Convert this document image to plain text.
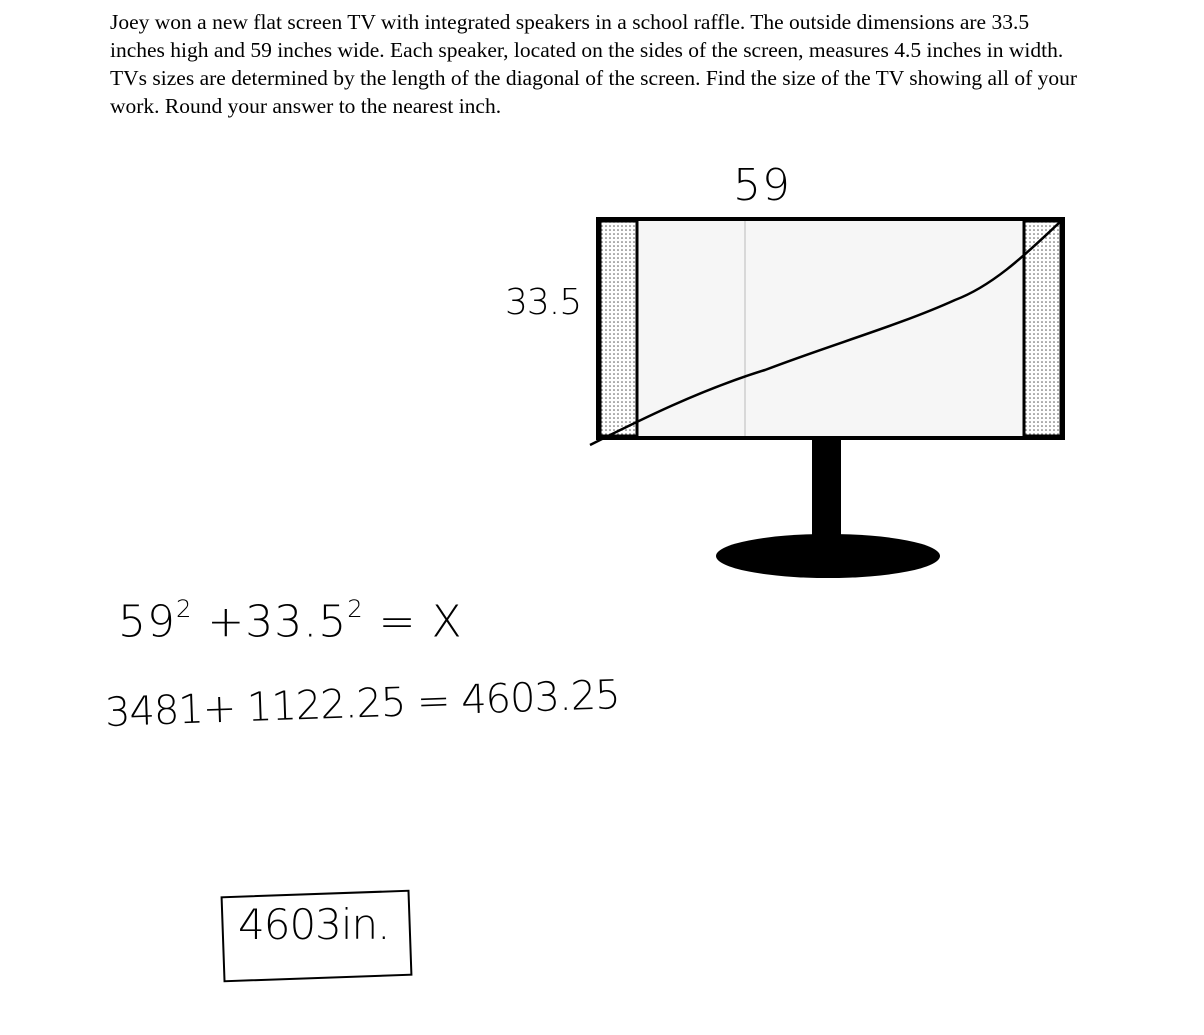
Joey won a new flat screen TV with integrated speakers in a school raffle. The outside dimensions are 33.5 inches high and 59 inches wide. Each speaker, located on the sides of the screen, measures 4.5 inches in width. TVs sizes are determined by the length of the diagonal of the screen. Find the size of the TV showing all of your work. Round your answer to the nearest inch.
59
33.5
$59^2 +33.5^2 = X$
3481+ 1122.25 = 4603.25
4603in.
